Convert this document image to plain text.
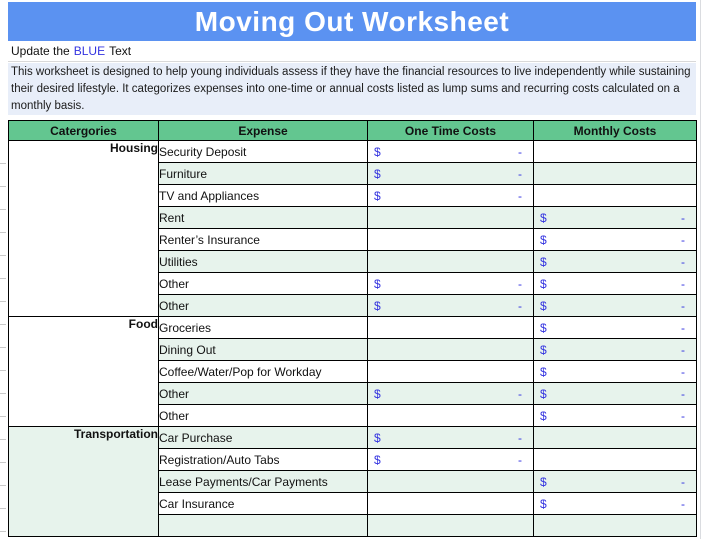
Moving Out Worksheet
Update the BLUE Text
This worksheet is designed to help young individuals assess if they have the financial resources to live independently while sustaining their desired lifestyle. It categorizes expenses into one-time or annual costs listed as lump sums and recurring costs calculated on a monthly basis.
Catergories	Expense	One Time Costs	Monthly Costs
Housing	Security Deposit	$ -	

	Furniture	$ -	

	TV and Appliances	$ -	

	Rent		$ -

	Renter’s Insurance		$ -

	Utilities		$ -

	Other	$ -	$ -

	Other	$ -	$ -

Food	Groceries		$ -

	Dining Out		$ -

	Coffee/Water/Pop for Workday		$ -

	Other	$ -	$ -

	Other		$ -

Transportation	Car Purchase	$ -	

	Registration/Auto Tabs	$ -	

	Lease Payments/Car Payments		$ -

	Car Insurance		$ -
